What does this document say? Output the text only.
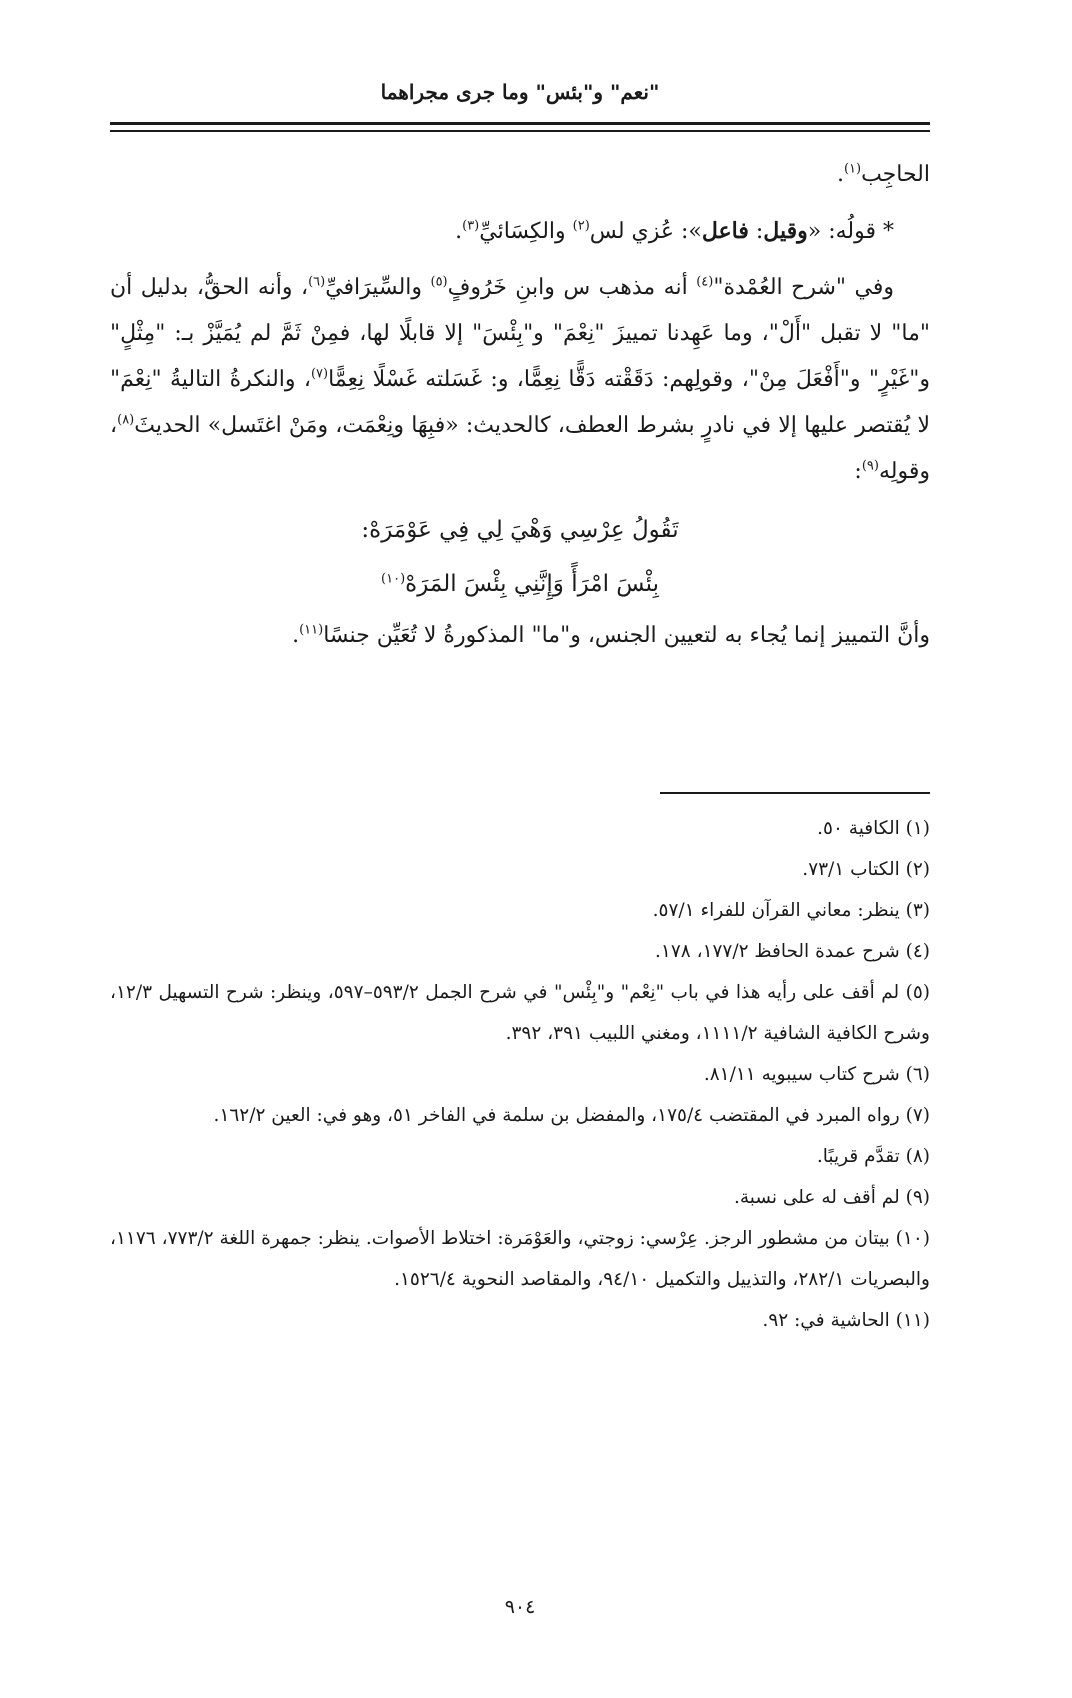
"نعم" و"بئس" وما جرى مجراهما

الحاجِب$^{(١)}$.

* قولُه: «وقيل: فاعل»: عُزي لس$^{(٢)}$ والكِسَائيِّ$^{(٣)}$.

وفي "شرح العُمْدة"$^{(٤)}$ أنه مذهب س وابنِ خَرُوفٍ$^{(٥)}$ والسِّيرَافيِّ$^{(٦)}$، وأنه الحقُّ، بدليل أن "ما" لا تقبل "أَلْ"، وما عَهِدنا تمييزَ "نِعْمَ" و"بِئْسَ" إلا قابلًا لها، فمِنْ ثَمَّ لم يُمَيَّزْ بـ: "مِثْلٍ" و"غَيْرٍ" و"أَفْعَلَ مِنْ"، وقولِهم: دَقَقْته دَقًّا نِعِمًّا، و: غَسَلته غَسْلًا نِعِمًّا$^{(٧)}$، والنكرةُ التاليةُ "نِعْمَ" لا يُقتصر عليها إلا في نادرٍ بشرط العطف، كالحديث: «فبِهَا ونِعْمَت، ومَنْ اغتَسل» الحديثَ$^{(٨)}$، وقولِه$^{(٩)}$:

تَقُولُ عِرْسِي وَهْيَ لِي فِي عَوْمَرَهْ:
بِئْسَ امْرَأً وَإِنَّنِي بِئْسَ المَرَهْ$^{(١٠)}$

وأنَّ التمييز إنما يُجاء به لتعيين الجنس، و"ما" المذكورةُ لا تُعَيِّن جنسًا$^{(١١)}$.

(١) الكافية ٥٠.

(٢) الكتاب ٧٣/١.

(٣) ينظر: معاني القرآن للفراء ٥٧/١.

(٤) شرح عمدة الحافظ ١٧٧/٢، ١٧٨.

(٥) لم أقف على رأيه هذا في باب "نِعْم" و"بِئْس" في شرح الجمل ٥٩٣/٢–٥٩٧، وينظر: شرح التسهيل ١٢/٣، وشرح الكافية الشافية ١١١١/٢، ومغني اللبيب ٣٩١، ٣٩٢.

(٦) شرح كتاب سيبويه ٨١/١١.

(٧) رواه المبرد في المقتضب ١٧٥/٤، والمفضل بن سلمة في الفاخر ٥١، وهو في: العين ١٦٢/٢.

(٨) تقدَّم قريبًا.

(٩) لم أقف له على نسبة.

(١٠) بيتان من مشطور الرجز. عِرْسي: زوجتي، والعَوْمَرة: اختلاط الأصوات. ينظر: جمهرة اللغة ٧٧٣/٢، ١١٧٦، والبصريات ٢٨٢/١، والتذييل والتكميل ٩٤/١٠، والمقاصد النحوية ١٥٢٦/٤.

(١١) الحاشية في: ٩٢.

٩٠٤
